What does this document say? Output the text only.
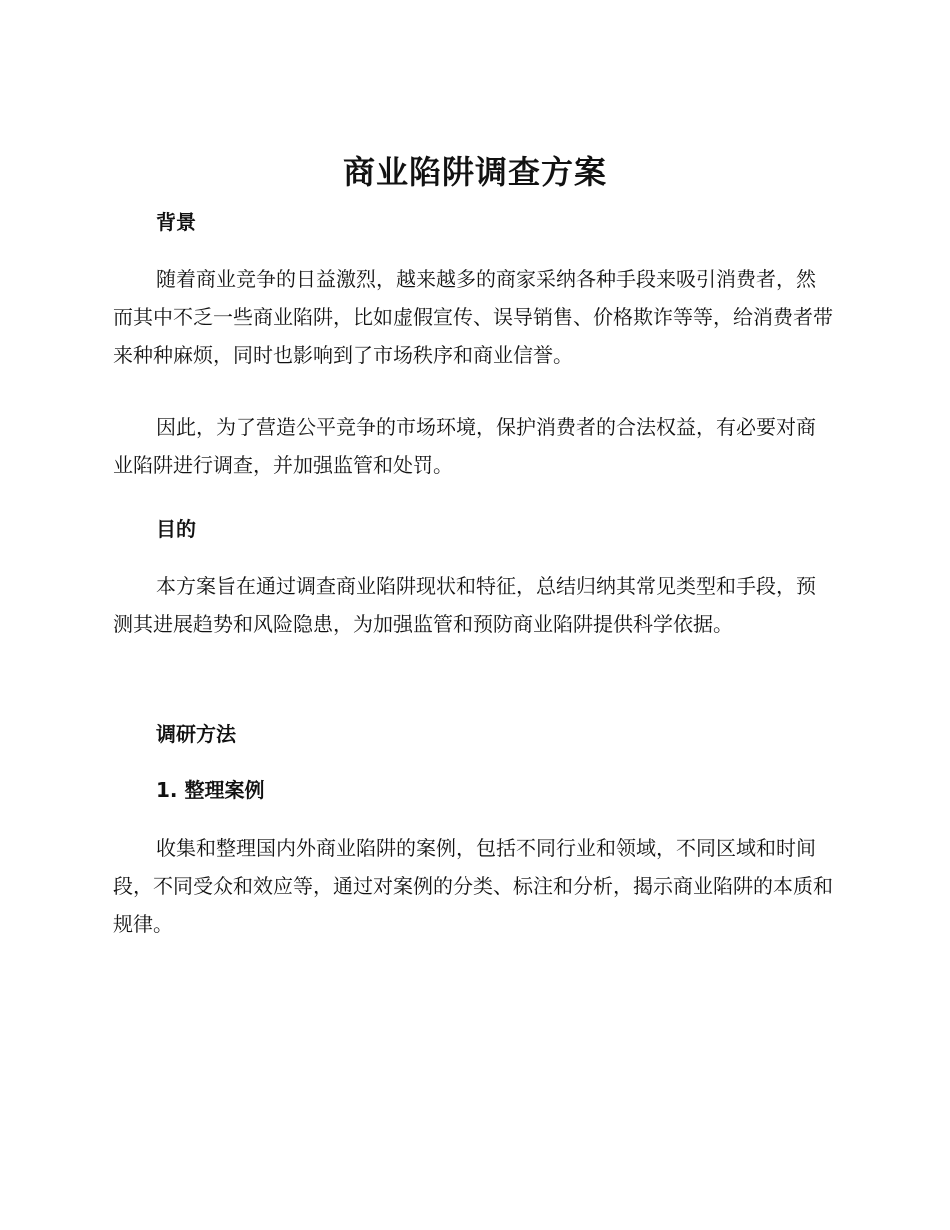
商业陷阱调查方案
背景

随着商业竞争的日益激烈，越来越多的商家采纳各种手段来吸引消费者，然而其中不乏一些商业陷阱，比如虚假宣传、误导销售、价格欺诈等等，给消费者带来种种麻烦，同时也影响到了市场秩序和商业信誉。

因此，为了营造公平竞争的市场环境，保护消费者的合法权益，有必要对商业陷阱进行调查，并加强监管和处罚。

目的

本方案旨在通过调查商业陷阱现状和特征，总结归纳其常见类型和手段，预测其进展趋势和风险隐患，为加强监管和预防商业陷阱提供科学依据。

调研方法
1. 整理案例

收集和整理国内外商业陷阱的案例，包括不同行业和领域，不同区域和时间段，不同受众和效应等，通过对案例的分类、标注和分析，揭示商业陷阱的本质和规律。
